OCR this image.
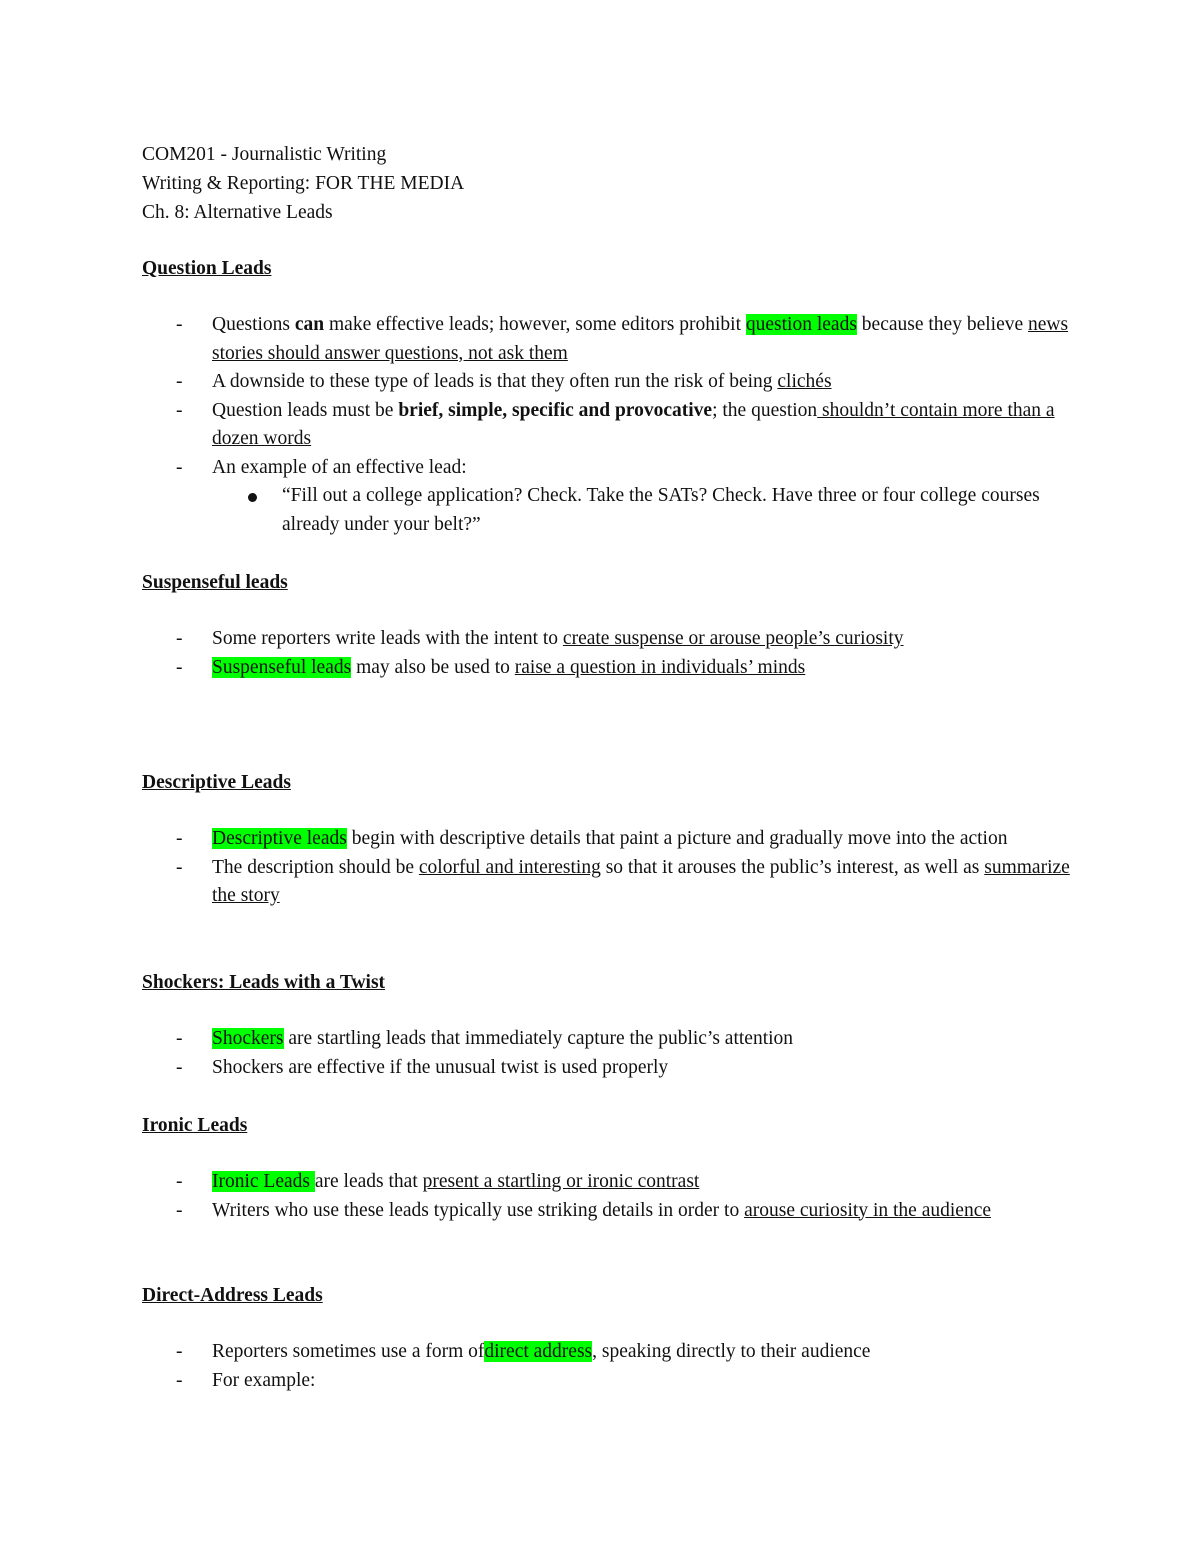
COM201 - Journalistic Writing
Writing & Reporting: FOR THE MEDIA
Ch. 8: Alternative Leads
Question Leads
-	Questions can make effective leads; however, some editors prohibit question leads because they believe news stories should answer questions, not ask them
-	A downside to these type of leads is that they often run the risk of being clichés
-	Question leads must be brief, simple, specific and provocative; the question shouldn’t contain more than a dozen words
-	An example of an effective lead:
“Fill out a college application? Check. Take the SATs? Check. Have three or four college courses already under your belt?”
Suspenseful leads
-	Some reporters write leads with the intent to create suspense or arouse people’s curiosity
-	Suspenseful leads may also be used to raise a question in individuals’ minds
Descriptive Leads
-	Descriptive leads begin with descriptive details that paint a picture and gradually move into the action
-	The description should be colorful and interesting so that it arouses the public’s interest, as well as summarize the story
Shockers: Leads with a Twist
-	Shockers are startling leads that immediately capture the public’s attention
-	Shockers are effective if the unusual twist is used properly
Ironic Leads
-	Ironic Leads are leads that present a startling or ironic contrast
-	Writers who use these leads typically use striking details in order to arouse curiosity in the audience
Direct-Address Leads
-	Reporters sometimes use a form ofdirect address, speaking directly to their audience
-	For example:
